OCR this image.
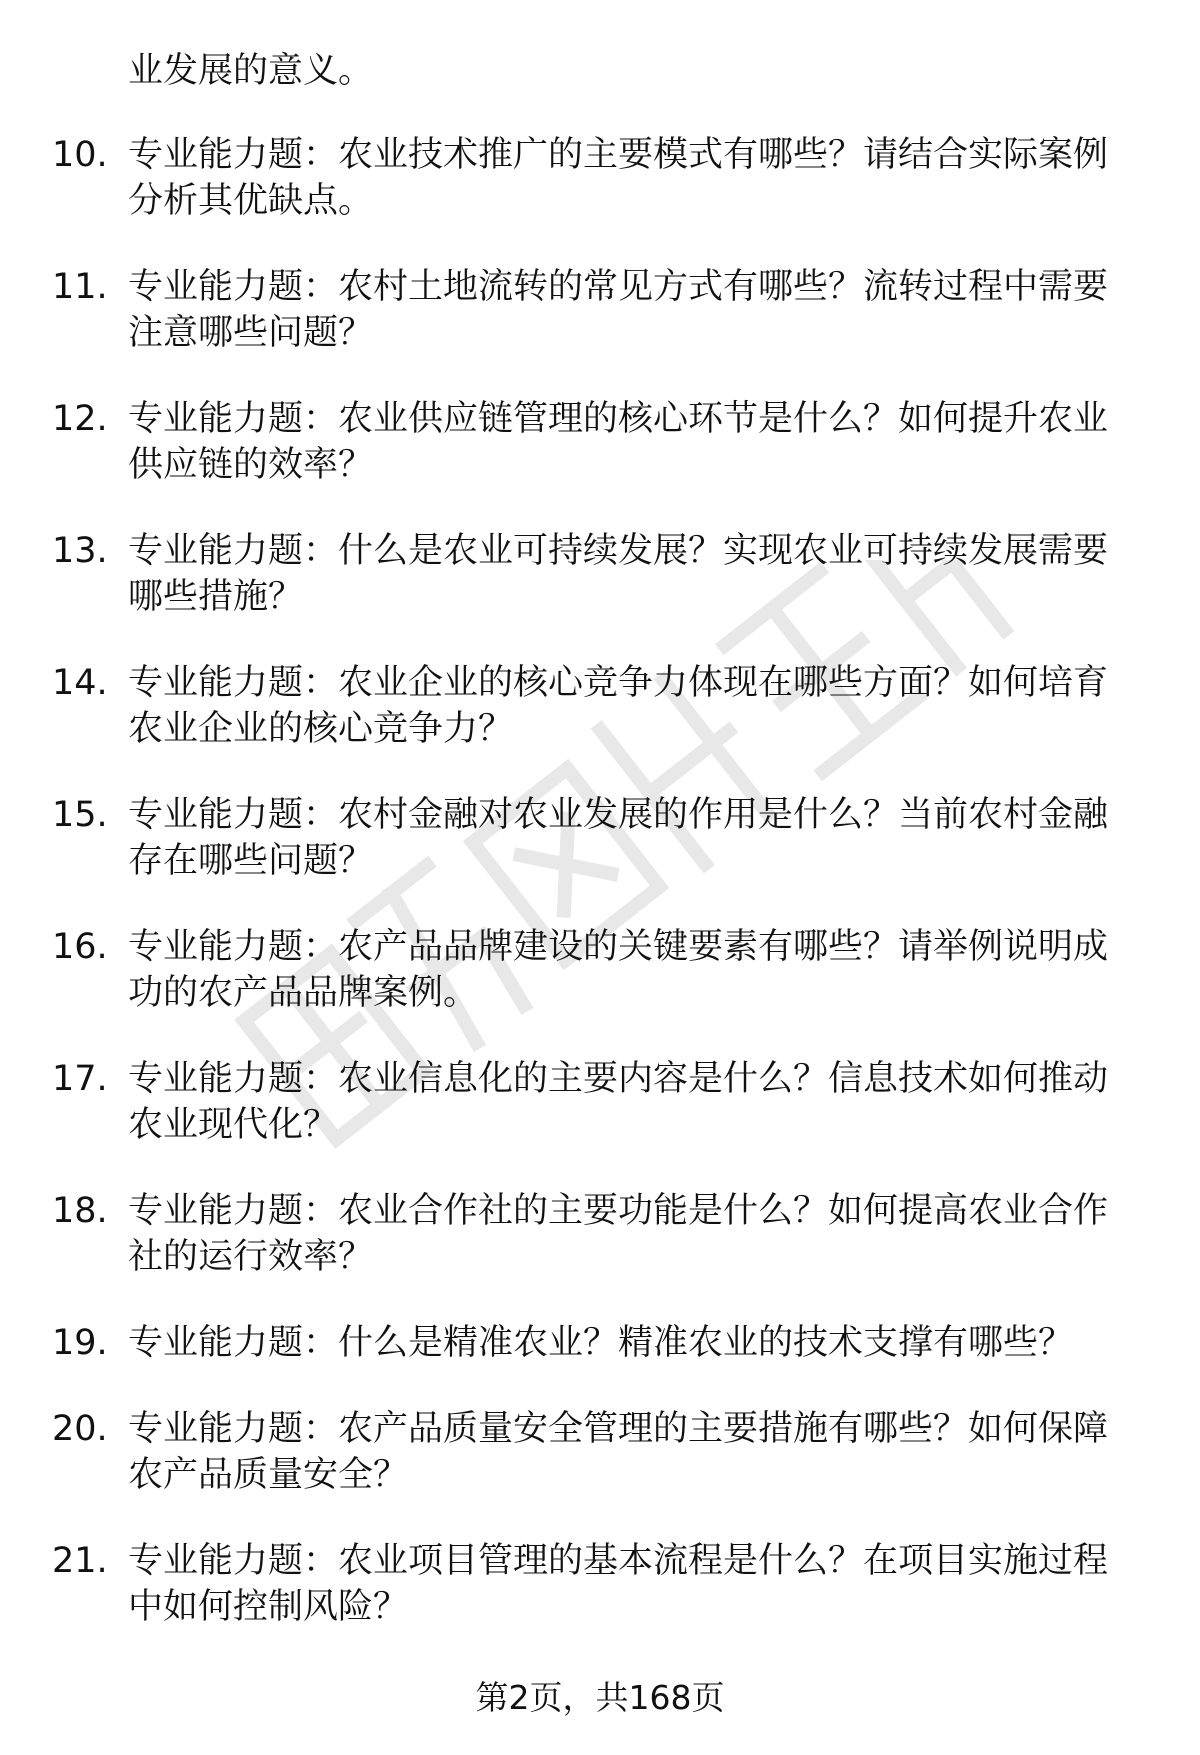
业发展的意义。
10. 专业能力题：农业技术推广的主要模式有哪些？请结合实际案例
分析其优缺点。
11. 专业能力题：农村土地流转的常见方式有哪些？流转过程中需要
注意哪些问题？
12. 专业能力题：农业供应链管理的核心环节是什么？如何提升农业
供应链的效率？
13. 专业能力题：什么是农业可持续发展？实现农业可持续发展需要
哪些措施？
14. 专业能力题：农业企业的核心竞争力体现在哪些方面？如何培育
农业企业的核心竞争力？
15. 专业能力题：农村金融对农业发展的作用是什么？当前农村金融
存在哪些问题？
16. 专业能力题：农产品品牌建设的关键要素有哪些？请举例说明成
功的农产品品牌案例。
17. 专业能力题：农业信息化的主要内容是什么？信息技术如何推动
农业现代化？
18. 专业能力题：农业合作社的主要功能是什么？如何提高农业合作
社的运行效率？
19. 专业能力题：什么是精准农业？精准农业的技术支撑有哪些？
20. 专业能力题：农产品质量安全管理的主要措施有哪些？如何保障
农产品质量安全？
21. 专业能力题：农业项目管理的基本流程是什么？在项目实施过程
中如何控制风险？
第2页，共168页
